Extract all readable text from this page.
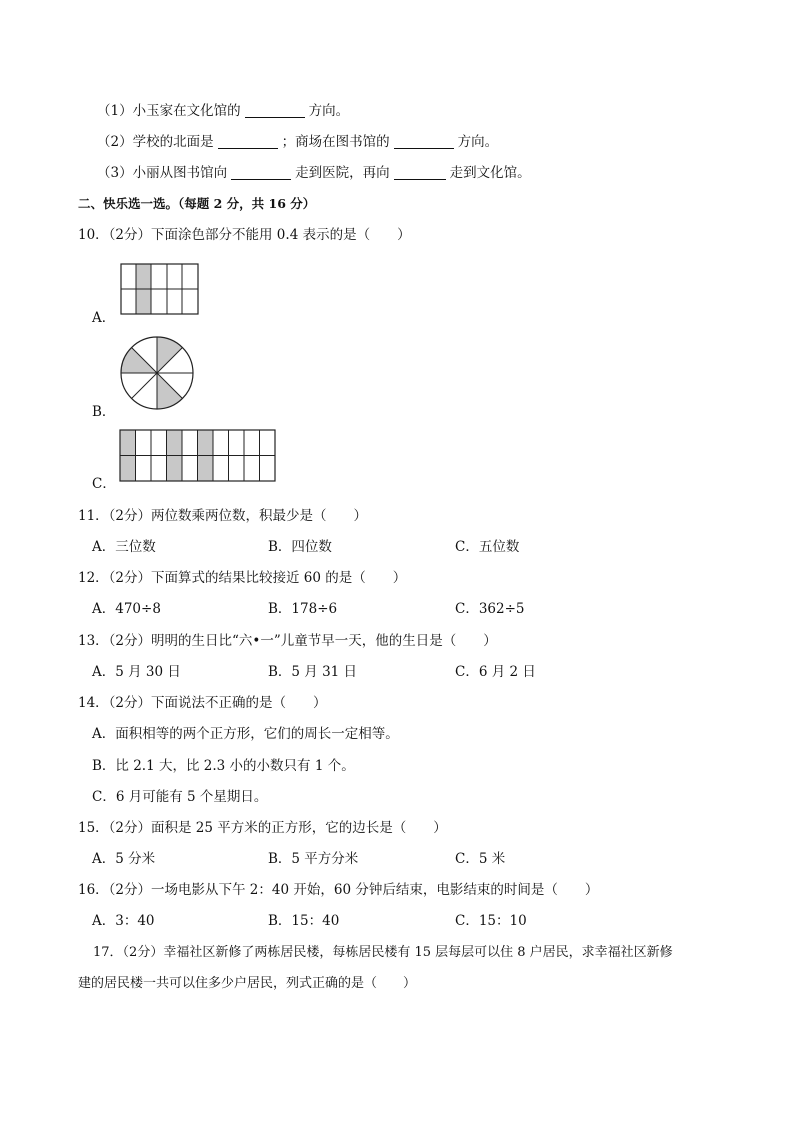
（1）小玉家在文化馆的	方向。
（2）学校的北面是	；商场在图书馆的	方向。
（3）小丽从图书馆向	走到医院，再向	走到文化馆。
二、快乐选一选。（每题 2 分，共 16 分）
10．（2分）下面涂色部分不能用 0.4 表示的是（　　）
A．
B．
C．
11．（2分）两位数乘两位数，积最少是（　　）
A．三位数	B．四位数	C．五位数
12．（2分）下面算式的结果比较接近 60 的是（　　）
A．470÷8	B．178÷6	C．362÷5
13．（2分）明明的生日比“六•一”儿童节早一天，他的生日是（　　）
A．5 月 30 日	B．5 月 31 日	C．6 月 2 日
14．（2分）下面说法不正确的是（　　）
A．面积相等的两个正方形，它们的周长一定相等。
B．比 2.1 大，比 2.3 小的小数只有 1 个。
C．6 月可能有 5 个星期日。
15．（2分）面积是 25 平方米的正方形，它的边长是（　　）
A．5 分米	B．5 平方分米	C．5 米
16．（2分）一场电影从下午 2：40 开始，60 分钟后结束，电影结束的时间是（　　）
A．3：40	B．15：40	C．15：10
17．（2分）幸福社区新修了两栋居民楼，每栋居民楼有 15 层每层可以住 8 户居民，求幸福社区新修
建的居民楼一共可以住多少户居民，列式正确的是（　　）
